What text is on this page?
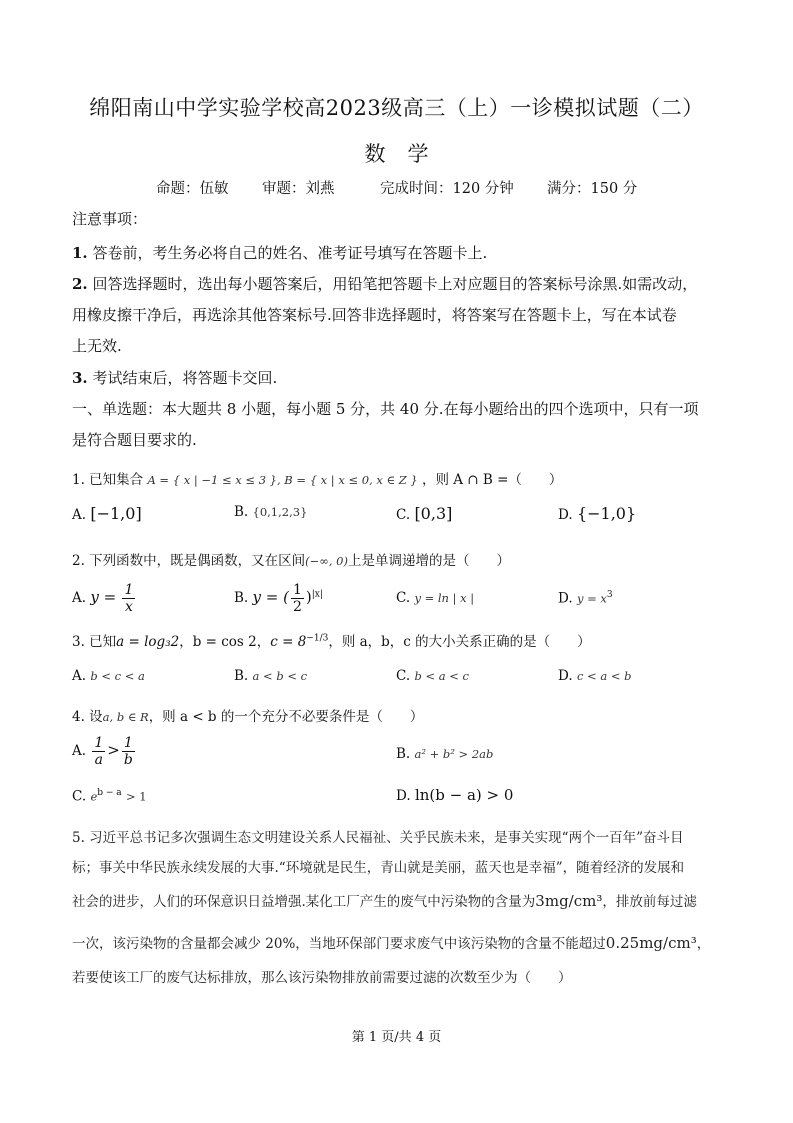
绵阳南山中学实验学校高2023级高三（上）一诊模拟试题（二）
数学
命题：伍敏 审题：刘燕	完成时间：120 分钟 满分：150 分
注意事项：
1. 答卷前，考生务必将自己的姓名、准考证号填写在答题卡上.
2. 回答选择题时，选出每小题答案后，用铅笔把答题卡上对应题目的答案标号涂黑.如需改动，
用橡皮擦干净后，再选涂其他答案标号.回答非选择题时，将答案写在答题卡上，写在本试卷
上无效.
3. 考试结束后，将答题卡交回.
一、单选题：本大题共 8 小题，每小题 5 分，共 40 分.在每小题给出的四个选项中，只有一项
是符合题目要求的.
1. 已知集合 A = { x | −1 ≤ x ≤ 3 }, B = { x | x ≤ 0, x ∈ Z } ，则 A ∩ B =（　　）
A. [−1,0]	B. {0,1,2,3}	C. [0,3]	D. {−1,0}
2. 下列函数中，既是偶函数，又在区间(−∞, 0)上是单调递增的是（　　）
A. $y = \frac{1}{x}$	B. y = ( $\frac{1}{2} )^{|x|}$	C. y = ln | x |	D. $y = x^3$
3. 已知a = log₃2，b = cos 2，$c = 8^{-1/3}$，则 a，b，c 的大小关系正确的是（　　）
A. b < c < a	B. a < b < c	C. b < a < c	D. c < a < b
4. 设a, b ∈ R，则 a < b 的一个充分不必要条件是（　　）
A. $\frac{1}{a} > \frac{1}{b}$	B. a² + b² > 2ab
C. $e^{b - a} > 1$	D. ln(b − a) > 0
5. 习近平总书记多次强调生态文明建设关系人民福祉、关乎民族未来，是事关实现“两个一百年”奋斗目
标；事关中华民族永续发展的大事.“环境就是民生，青山就是美丽，蓝天也是幸福”，随着经济的发展和
社会的进步，人们的环保意识日益增强.某化工厂产生的废气中污染物的含量为3mg/cm³，排放前每过滤
一次，该污染物的含量都会减少 20%，当地环保部门要求废气中该污染物的含量不能超过0.25mg/cm³，
若要使该工厂的废气达标排放，那么该污染物排放前需要过滤的次数至少为（　　）
第 1 页/共 4 页
